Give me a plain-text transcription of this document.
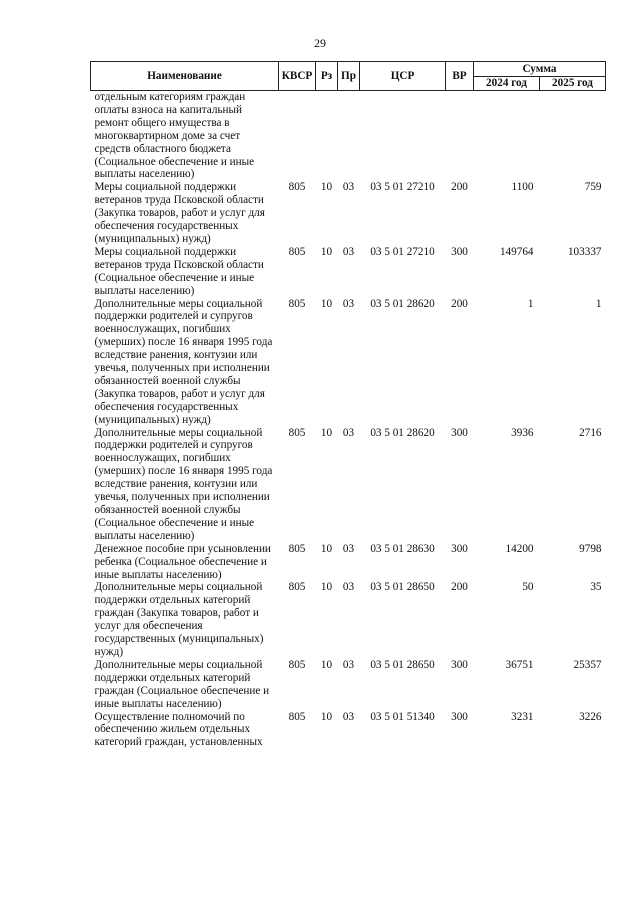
29
Наименование	КВСР	Рз	Пр	ЦСР	ВР	Сумма	
						2024 год	2025 год
отдельным категориям граждан оплаты взноса на капитальный ремонт общего имущества в многоквартирном доме за счет средств областного бюджета (Социальное обеспечение и иные выплаты населению)							
Меры социальной поддержки ветеранов труда Псковской области (Закупка товаров, работ и услуг для обеспечения государственных (муниципальных) нужд)	805	10	03	03 5 01 27210	200	1100	759
Меры социальной поддержки ветеранов труда Псковской области (Социальное обеспечение и иные выплаты населению)	805	10	03	03 5 01 27210	300	149764	103337
Дополнительные меры социальной поддержки родителей и супругов военнослужащих, погибших (умерших) после 16 января 1995 года вследствие ранения, контузии или увечья, полученных при исполнении обязанностей военной службы (Закупка товаров, работ и услуг для обеспечения государственных (муниципальных) нужд)	805	10	03	03 5 01 28620	200	1	1
Дополнительные меры социальной поддержки родителей и супругов военнослужащих, погибших (умерших) после 16 января 1995 года вследствие ранения, контузии или увечья, полученных при исполнении обязанностей военной службы (Социальное обеспечение и иные выплаты населению)	805	10	03	03 5 01 28620	300	3936	2716
Денежное пособие при усыновлении ребенка (Социальное обеспечение и иные выплаты населению)	805	10	03	03 5 01 28630	300	14200	9798
Дополнительные меры социальной поддержки отдельных категорий граждан (Закупка товаров, работ и услуг для обеспечения государственных (муниципальных) нужд)	805	10	03	03 5 01 28650	200	50	35
Дополнительные меры социальной поддержки отдельных категорий граждан (Социальное обеспечение и иные выплаты населению)	805	10	03	03 5 01 28650	300	36751	25357
Осуществление полномочий по обеспечению жильем отдельных категорий граждан, установленных	805	10	03	03 5 01 51340	300	3231	3226
